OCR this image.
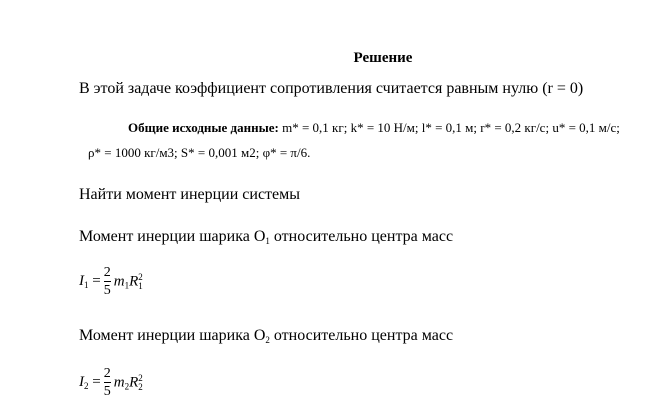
Решение
В этой задаче коэффициент сопротивления считается равным нулю (r = 0)
Общие исходные данные: m* = 0,1 кг; k* = 10 Н/м; l* = 0,1 м; r* = 0,2 кг/с; u* = 0,1 м/с;
ρ* = 1000 кг/м3; S* = 0,001 м2; φ* = π/6.
Найти момент инерции системы
Момент инерции шарика $O_1$ относительно центра масс
$I_1 = \frac{2}{5} m_1R$ 2
1
Момент инерции шарика $O_2$ относительно центра масс
$I_2 = \frac{2}{5} m_2R$ 2
2
